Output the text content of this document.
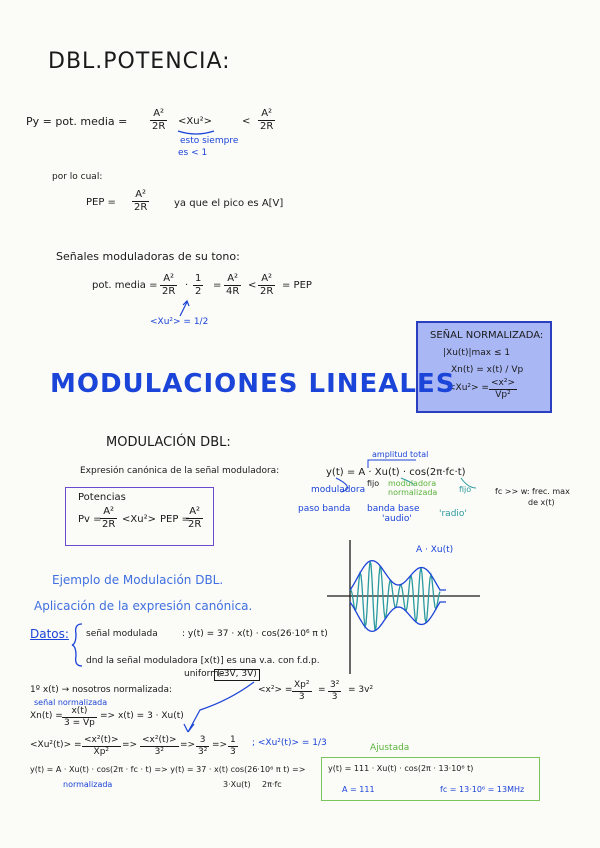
DBL.POTENCIA:
Py = pot. media = $\frac{\text{A²}}{2R} <Xu^2>$	< $\frac{\text{A²}}{2R}$
esto siempre
es < 1
por lo cual:
PEP = $\frac{\text{A²}}{2R}$ ya que el pico es A[V]
Señales moduladoras de su tono:
pot. media = $\frac{\text{A²}}{2R} \cdot \frac{1}{2} = \frac{\text{A²}}{4R} < \frac{\text{A²}}{2R}$ = PEP
<Xu²> = 1/2
SEÑAL NORMALIZADA:
|Xu(t)|max ≤ 1
Xn(t) = x(t) / Vp
$<Xu^2> = \frac{\text{<x²>}}{\text{Vp²}}$
MODULACIONES LINEALES
MODULACIÓN DBL:
Expresión canónica de la señal moduladora:	y(t) = A · Xu(t) · cos(2π·fc·t)
amplitud total
moduladora
fijo moduladora
normalizada	fijo
paso banda banda base
'audio'	'radio'
fc >> w: frec. max
de x(t)
Potencias
Pv =
$\frac{\text{A²}}{2R} <Xu^2>$ PEP =
$\frac{\text{A²}}{2R}$
A · Xu(t)
Ejemplo de Modulación DBL.
Aplicación de la expresión canónica.
Datos: señal modulada	: y(t) = 37 · x(t) · cos(26·10⁶ π t)
dnd la señal moduladora [x(t)] es una v.a. con f.d.p.
uniforme
(-3V, 3V)
1º x(t) → nosotros normalizada:	$<x^2> = \frac{\text{Xp²}}{3} = \frac{\text{3²}}{3} = 3v^2$
señal normalizada
$Xn(t) = \frac{x(t)}{3 = Vp} => x(t) = 3 \cdot Xu(t)$
$<Xu^2(t)> = \frac{\text{<x²(t)>}}{\text{Xp²}} => \frac{\text{<x²(t)>}}{\text{3²}} => \frac{3}{\text{3²}} => \frac{1}{3}$ ; <Xu²(t)> = 1/3	Ajustada
y(t) = A · Xu(t) · cos(2π · fc · t) => y(t) = 37 · x(t) cos(26·10⁶ π t) =>	y(t) = 111 · Xu(t) · cos(2π · 13·10⁶ t)
normalizada	3·Xu(t) 2π·fc
A = 111	fc = 13·10⁶ = 13MHz
